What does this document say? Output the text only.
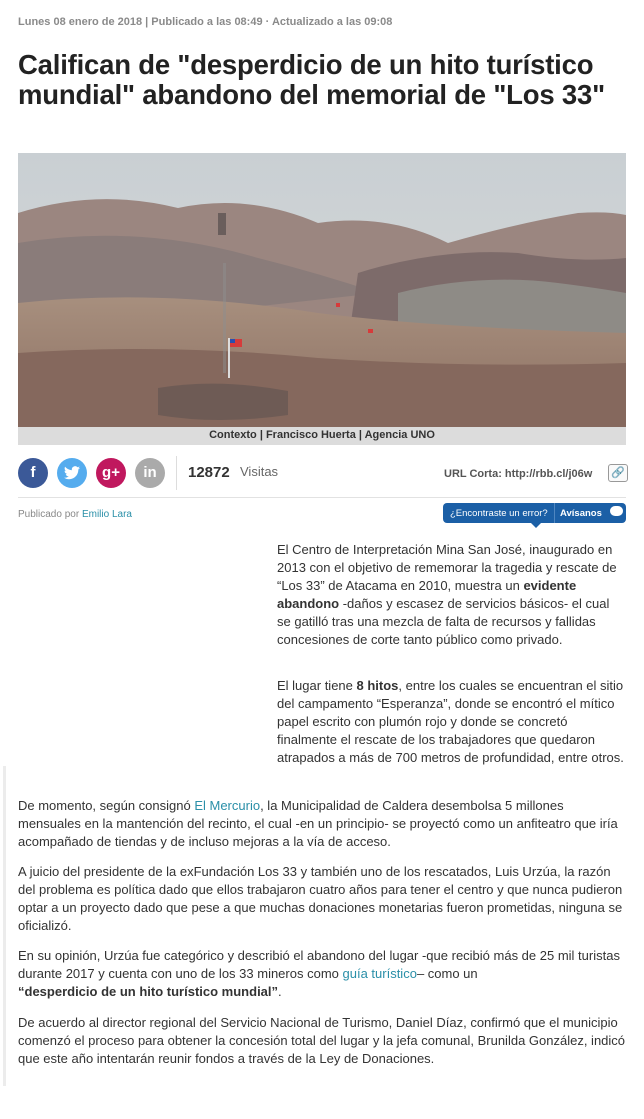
Lunes 08 enero de 2018 | Publicado a las 08:49 · Actualizado a las 09:08
Califican de "desperdicio de un hito turístico mundial" abandono del memorial de "Los 33"
Contexto | Francisco Huerta | Agencia UNO
f	g+	in	12872 Visitas	URL Corta: http://rbb.cl/j06w 🔗
Publicado por Emilio Lara	¿Encontraste un error? Avísanos

El Centro de Interpretación Mina San José, inaugurado en 2013 con el objetivo de rememorar la tragedia y rescate de “Los 33” de Atacama en 2010, muestra un evidente abandono -daños y escasez de servicios básicos- el cual se gatilló tras una mezcla de falta de recursos y fallidas concesiones de corte tanto público como privado.

El lugar tiene 8 hitos, entre los cuales se encuentran el sitio del campamento “Esperanza”, donde se encontró el mítico papel escrito con plumón rojo y donde se concretó finalmente el rescate de los trabajadores que quedaron atrapados a más de 700 metros de profundidad, entre otros.

De momento, según consignó El Mercurio, la Municipalidad de Caldera desembolsa 5 millones mensuales en la mantención del recinto, el cual -en un principio- se proyectó como un anfiteatro que iría acompañado de tiendas y de incluso mejoras a la vía de acceso.

A juicio del presidente de la exFundación Los 33 y también uno de los rescatados, Luis Urzúa, la razón del problema es política dado que ellos trabajaron cuatro años para tener el centro y que nunca pudieron optar a un proyecto dado que pese a que muchas donaciones monetarias fueron prometidas, ninguna se oficializó.

En su opinión, Urzúa fue categórico y describió el abandono del lugar -que recibió más de 25 mil turistas durante 2017 y cuenta con uno de los 33 mineros como guía turístico– como un
“desperdicio de un hito turístico mundial”.

De acuerdo al director regional del Servicio Nacional de Turismo, Daniel Díaz, confirmó que el municipio comenzó el proceso para obtener la concesión total del lugar y la jefa comunal, Brunilda González, indicó que este año intentarán reunir fondos a través de la Ley de Donaciones.
